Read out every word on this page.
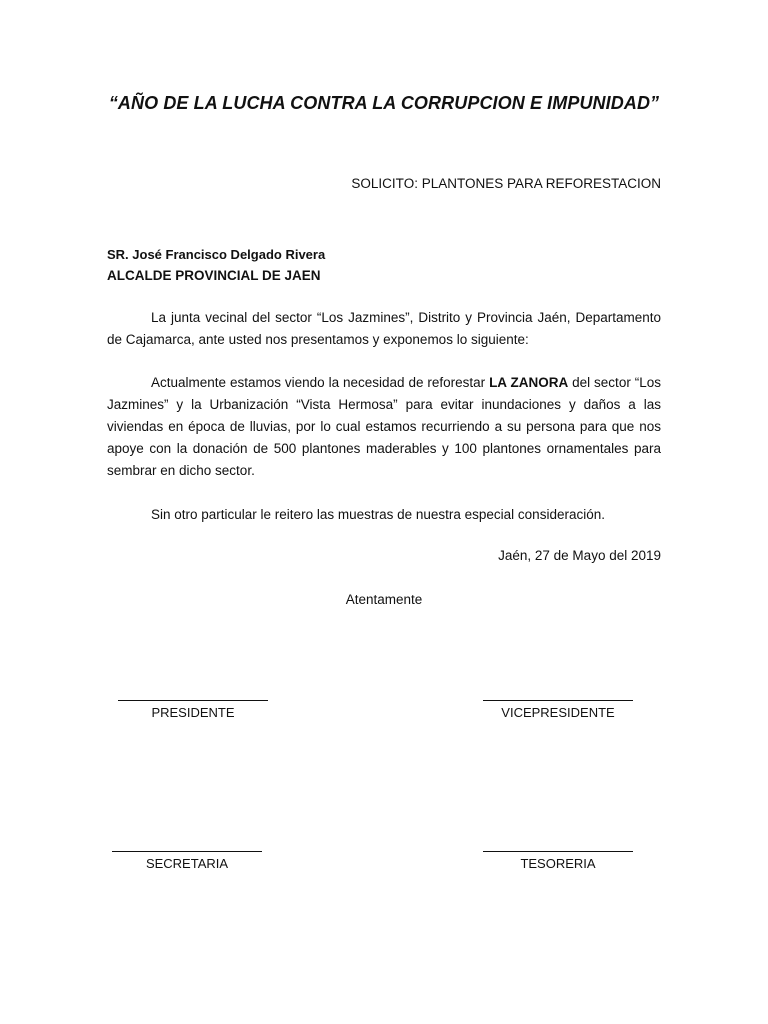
“AÑO DE LA LUCHA CONTRA LA CORRUPCION E IMPUNIDAD”
SOLICITO: PLANTONES PARA REFORESTACION
SR. José Francisco Delgado Rivera
ALCALDE PROVINCIAL DE JAEN

La junta vecinal del sector “Los Jazmines”, Distrito y Provincia Jaén, Departamento de Cajamarca, ante usted nos presentamos y exponemos lo siguiente:

Actualmente estamos viendo la necesidad de reforestar LA ZANORA del sector “Los Jazmines” y la Urbanización “Vista Hermosa” para evitar inundaciones y daños a las viviendas en época de lluvias, por lo cual estamos recurriendo a su persona para que nos apoye con la donación de 500 plantones maderables y 100 plantones ornamentales para sembrar en dicho sector.

Sin otro particular le reitero las muestras de nuestra especial consideración.

Jaén, 27 de Mayo del 2019
Atentamente
PRESIDENTE	VICEPRESIDENTE
SECRETARIA	TESORERIA
